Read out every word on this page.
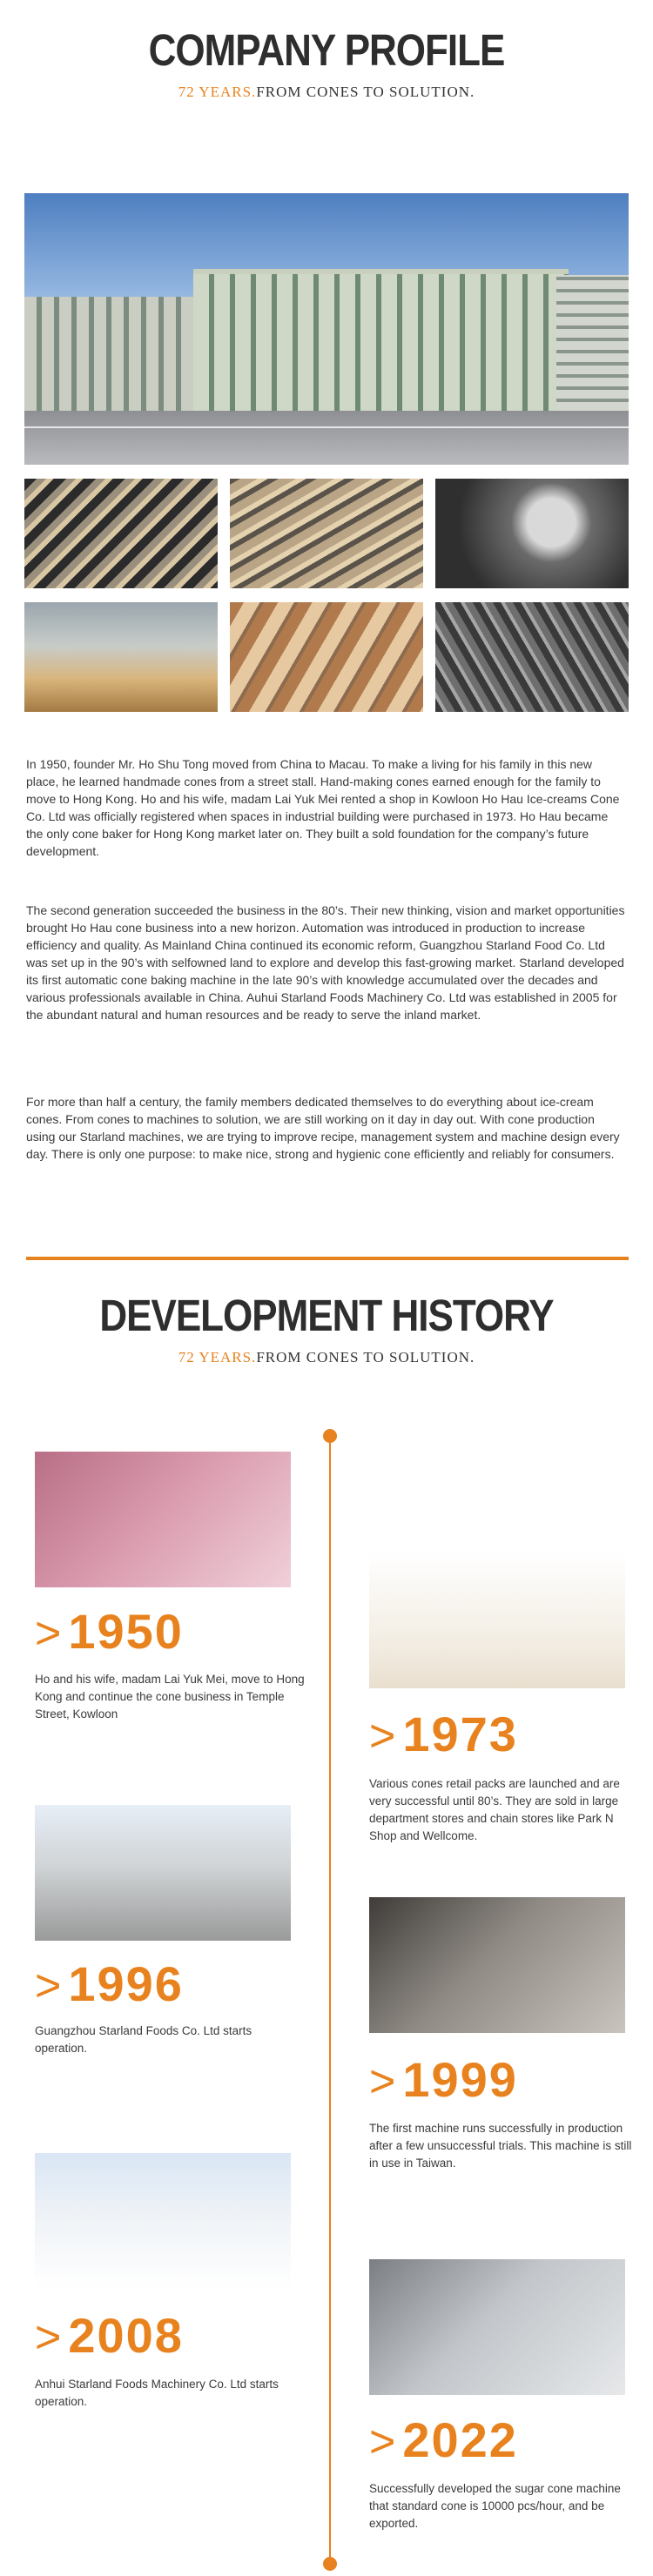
COMPANY PROFILE
72 YEARS.FROM CONES TO SOLUTION.

In 1950, founder Mr. Ho Shu Tong moved from China to Macau. To make a living for his family in this new place, he learned handmade cones from a street stall. Hand-making cones earned enough for the family to move to Hong Kong. Ho and his wife, madam Lai Yuk Mei rented a shop in Kowloon Ho Hau Ice-creams Cone Co. Ltd was officially registered when spaces in industrial building were purchased in 1973. Ho Hau became the only cone baker for Hong Kong market later on. They built a sold foundation for the company’s future development.

The second generation succeeded the business in the 80’s. Their new thinking, vision and market opportunities brought Ho Hau cone business into a new horizon. Automation was introduced in production to increase efficiency and quality. As Mainland China continued its economic reform, Guangzhou Starland Food Co. Ltd was set up in the 90’s with selfowned land to explore and develop this fast-growing market. Starland developed its first automatic cone baking machine in the late 90’s with knowledge accumulated over the decades and various professionals available in China. Auhui Starland Foods Machinery Co. Ltd was established in 2005 for the abundant natural and human resources and be ready to serve the inland market.

For more than half a century, the family members dedicated themselves to do everything about ice-cream cones. From cones to machines to solution, we are still working on it day in day out. With cone production using our Starland machines, we are trying to improve recipe, management system and machine design every day. There is only one purpose: to make nice, strong and hygienic cone efficiently and reliably for consumers.

DEVELOPMENT HISTORY
72 YEARS.FROM CONES TO SOLUTION.
> 1950
Ho and his wife, madam Lai Yuk Mei, move to Hong Kong and continue the cone business in Temple Street, Kowloon	> 1973
Various cones retail packs are launched and are very successful until 80’s. They are sold in large department stores and chain stores like Park N Shop and Wellcome.
> 1996
Guangzhou Starland Foods Co. Ltd starts operation.
> 1999
The first machine runs successfully in production after a few unsuccessful trials. This machine is still in use in Taiwan.
> 2008
Anhui Starland Foods Machinery Co. Ltd starts operation.
> 2022
Successfully developed the sugar cone machine that standard cone is 10000 pcs/hour, and be exported.
